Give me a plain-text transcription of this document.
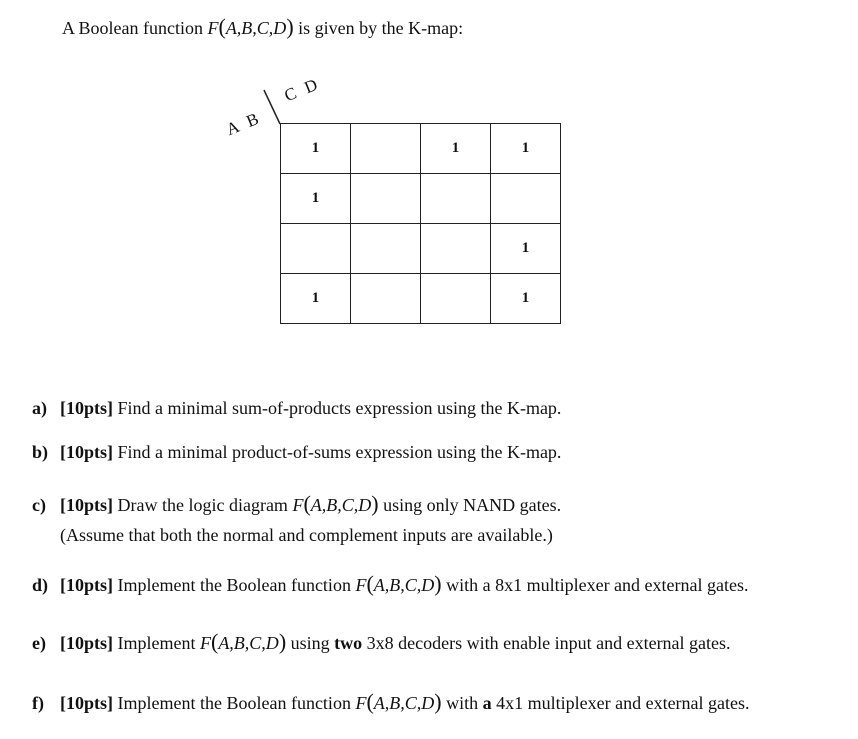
A Boolean function F(A,B,C,D) is given by the K-map:
C D
A B
1		1	1
1			
			1
1			1
a) [10pts] Find a minimal sum-of-products expression using the K-map.
b) [10pts] Find a minimal product-of-sums expression using the K-map.
c) [10pts] Draw the logic diagram F(A,B,C,D) using only NAND gates.
(Assume that both the normal and complement inputs are available.)
d) [10pts] Implement the Boolean function F(A,B,C,D) with a 8x1 multiplexer and external gates.
e) [10pts] Implement F(A,B,C,D) using two 3x8 decoders with enable input and external gates.
f) [10pts] Implement the Boolean function F(A,B,C,D) with a 4x1 multiplexer and external gates.
